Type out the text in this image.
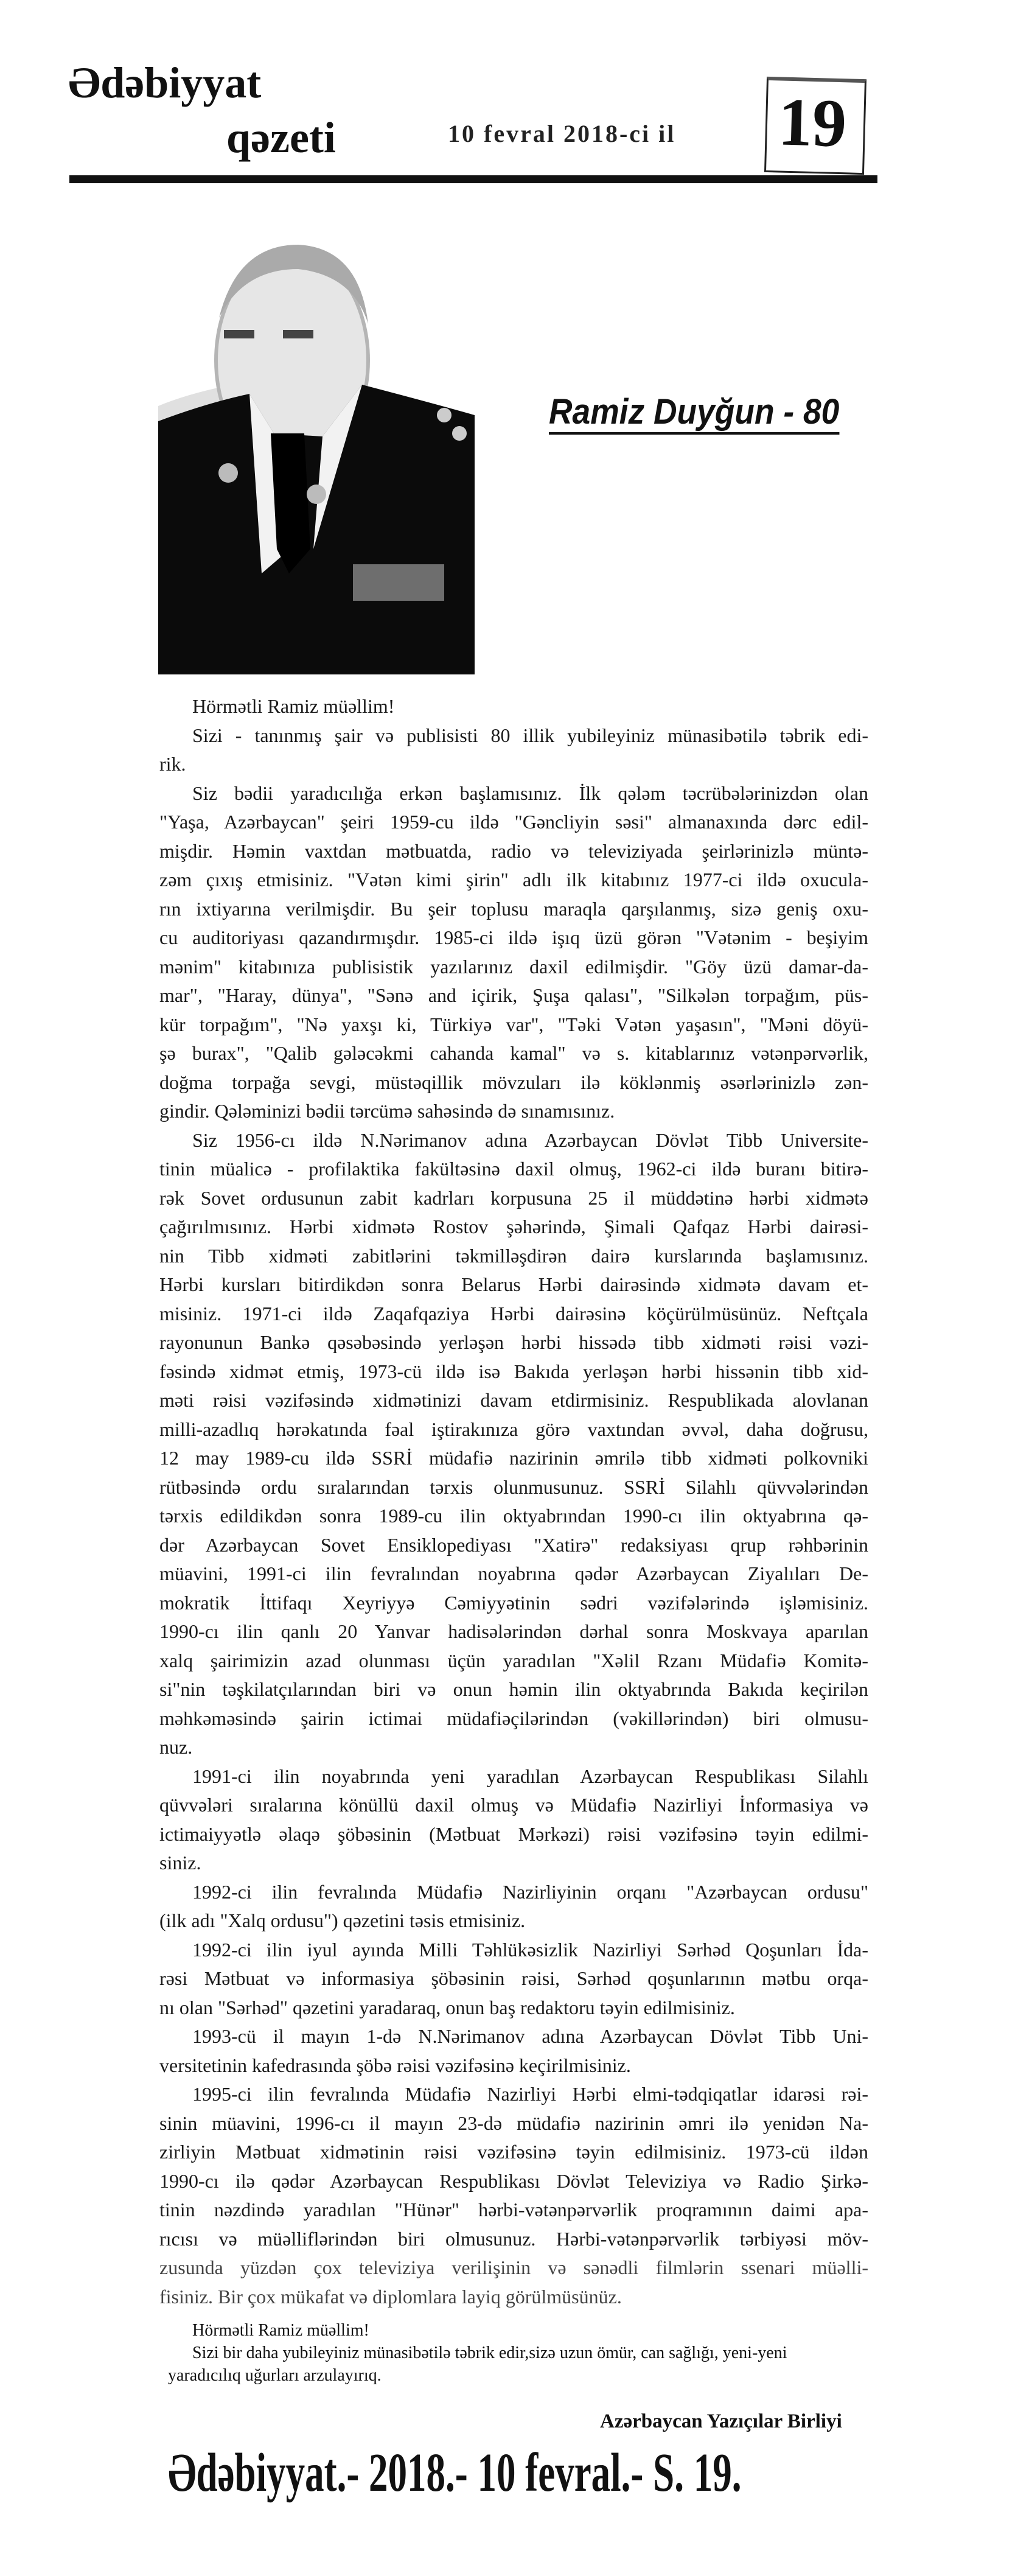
Ədəbiyyat
qəzeti	10 fevral 2018-ci il 19
Ramiz Duyğun - 80
Hörmətli Ramiz müəllim!
Sizi - tanınmış şair və publisisti 80 illik yubileyiniz münasibətilə təbrik edi-
rik.
Siz bədii yaradıcılığa erkən başlamısınız. İlk qələm təcrübələrinizdən olan
"Yaşa, Azərbaycan" şeiri 1959-cu ildə "Gəncliyin səsi" almanaxında dərc edil-
mişdir. Həmin vaxtdan mətbuatda, radio və televiziyada şeirlərinizlə müntə-
zəm çıxış etmisiniz. "Vətən kimi şirin" adlı ilk kitabınız 1977-ci ildə oxucula-
rın ixtiyarına verilmişdir. Bu şeir toplusu maraqla qarşılanmış, sizə geniş oxu-
cu auditoriyası qazandırmışdır. 1985-ci ildə işıq üzü görən "Vətənim - beşiyim
mənim" kitabınıza publisistik yazılarınız daxil edilmişdir. "Göy üzü damar-da-
mar", "Haray, dünya", "Sənə and içirik, Şuşa qalası", "Silkələn torpağım, püs-
kür torpağım", "Nə yaxşı ki, Türkiyə var", "Təki Vətən yaşasın", "Məni döyü-
şə burax", "Qalib gələcəkmi cahanda kamal" və s. kitablarınız vətənpərvərlik,
doğma torpağa sevgi, müstəqillik mövzuları ilə köklənmiş əsərlərinizlə zən-
gindir. Qələminizi bədii tərcümə sahəsində də sınamısınız.
Siz 1956-cı ildə N.Nərimanov adına Azərbaycan Dövlət Tibb Universite-
tinin müalicə - profilaktika fakültəsinə daxil olmuş, 1962-ci ildə buranı bitirə-
rək Sovet ordusunun zabit kadrları korpusuna 25 il müddətinə hərbi xidmətə
çağırılmısınız. Hərbi xidmətə Rostov şəhərində, Şimali Qafqaz Hərbi dairəsi-
nin Tibb xidməti zabitlərini təkmilləşdirən dairə kurslarında başlamısınız.
Hərbi kursları bitirdikdən sonra Belarus Hərbi dairəsində xidmətə davam et-
misiniz. 1971-ci ildə Zaqafqaziya Hərbi dairəsinə köçürülmüsünüz. Neftçala
rayonunun Bankə qəsəbəsində yerləşən hərbi hissədə tibb xidməti rəisi vəzi-
fəsində xidmət etmiş, 1973-cü ildə isə Bakıda yerləşən hərbi hissənin tibb xid-
məti rəisi vəzifəsində xidmətinizi davam etdirmisiniz. Respublikada alovlanan
milli-azadlıq hərəkatında fəal iştirakınıza görə vaxtından əvvəl, daha doğrusu,
12 may 1989-cu ildə SSRİ müdafiə nazirinin əmrilə tibb xidməti polkovniki
rütbəsində ordu sıralarından tərxis olunmusunuz. SSRİ Silahlı qüvvələrindən
tərxis edildikdən sonra 1989-cu ilin oktyabrından 1990-cı ilin oktyabrına qə-
dər Azərbaycan Sovet Ensiklopediyası "Xatirə" redaksiyası qrup rəhbərinin
müavini, 1991-ci ilin fevralından noyabrına qədər Azərbaycan Ziyalıları De-
mokratik İttifaqı Xeyriyyə Cəmiyyətinin sədri vəzifələrində işləmisiniz.
1990-cı ilin qanlı 20 Yanvar hadisələrindən dərhal sonra Moskvaya aparılan
xalq şairimizin azad olunması üçün yaradılan "Xəlil Rzanı Müdafiə Komitə-
si"nin təşkilatçılarından biri və onun həmin ilin oktyabrında Bakıda keçirilən
məhkəməsində şairin ictimai müdafiəçilərindən (vəkillərindən) biri olmusu-
nuz.
1991-ci ilin noyabrında yeni yaradılan Azərbaycan Respublikası Silahlı
qüvvələri sıralarına könüllü daxil olmuş və Müdafiə Nazirliyi İnformasiya və
ictimaiyyətlə əlaqə şöbəsinin (Mətbuat Mərkəzi) rəisi vəzifəsinə təyin edilmi-
siniz.
1992-ci ilin fevralında Müdafiə Nazirliyinin orqanı "Azərbaycan ordusu"
(ilk adı "Xalq ordusu") qəzetini təsis etmisiniz.
1992-ci ilin iyul ayında Milli Təhlükəsizlik Nazirliyi Sərhəd Qoşunları İda-
rəsi Mətbuat və informasiya şöbəsinin rəisi, Sərhəd qoşunlarının mətbu orqa-
nı olan "Sərhəd" qəzetini yaradaraq, onun baş redaktoru təyin edilmisiniz.
1993-cü il mayın 1-də N.Nərimanov adına Azərbaycan Dövlət Tibb Uni-
versitetinin kafedrasında şöbə rəisi vəzifəsinə keçirilmisiniz.
1995-ci ilin fevralında Müdafiə Nazirliyi Hərbi elmi-tədqiqatlar idarəsi rəi-
sinin müavini, 1996-cı il mayın 23-də müdafiə nazirinin əmri ilə yenidən Na-
zirliyin Mətbuat xidmətinin rəisi vəzifəsinə təyin edilmisiniz. 1973-cü ildən
1990-cı ilə qədər Azərbaycan Respublikası Dövlət Televiziya və Radio Şirkə-
tinin nəzdində yaradılan "Hünər" hərbi-vətənpərvərlik proqramının daimi apa-
rıcısı və müəlliflərindən biri olmusunuz. Hərbi-vətənpərvərlik tərbiyəsi möv-
zusunda yüzdən çox televiziya verilişinin və sənədli filmlərin ssenari müəlli-
fisiniz. Bir çox mükafat və diplomlara layiq görülmüsünüz.
Hörmətli Ramiz müəllim!
Sizi bir daha yubileyiniz münasibətilə təbrik edir,sizə uzun ömür, can sağlığı, yeni-yeni
yaradıcılıq uğurları arzulayırıq.
Azərbaycan Yazıçılar Birliyi
Ədəbiyyat.- 2018.- 10 fevral.- S. 19.
